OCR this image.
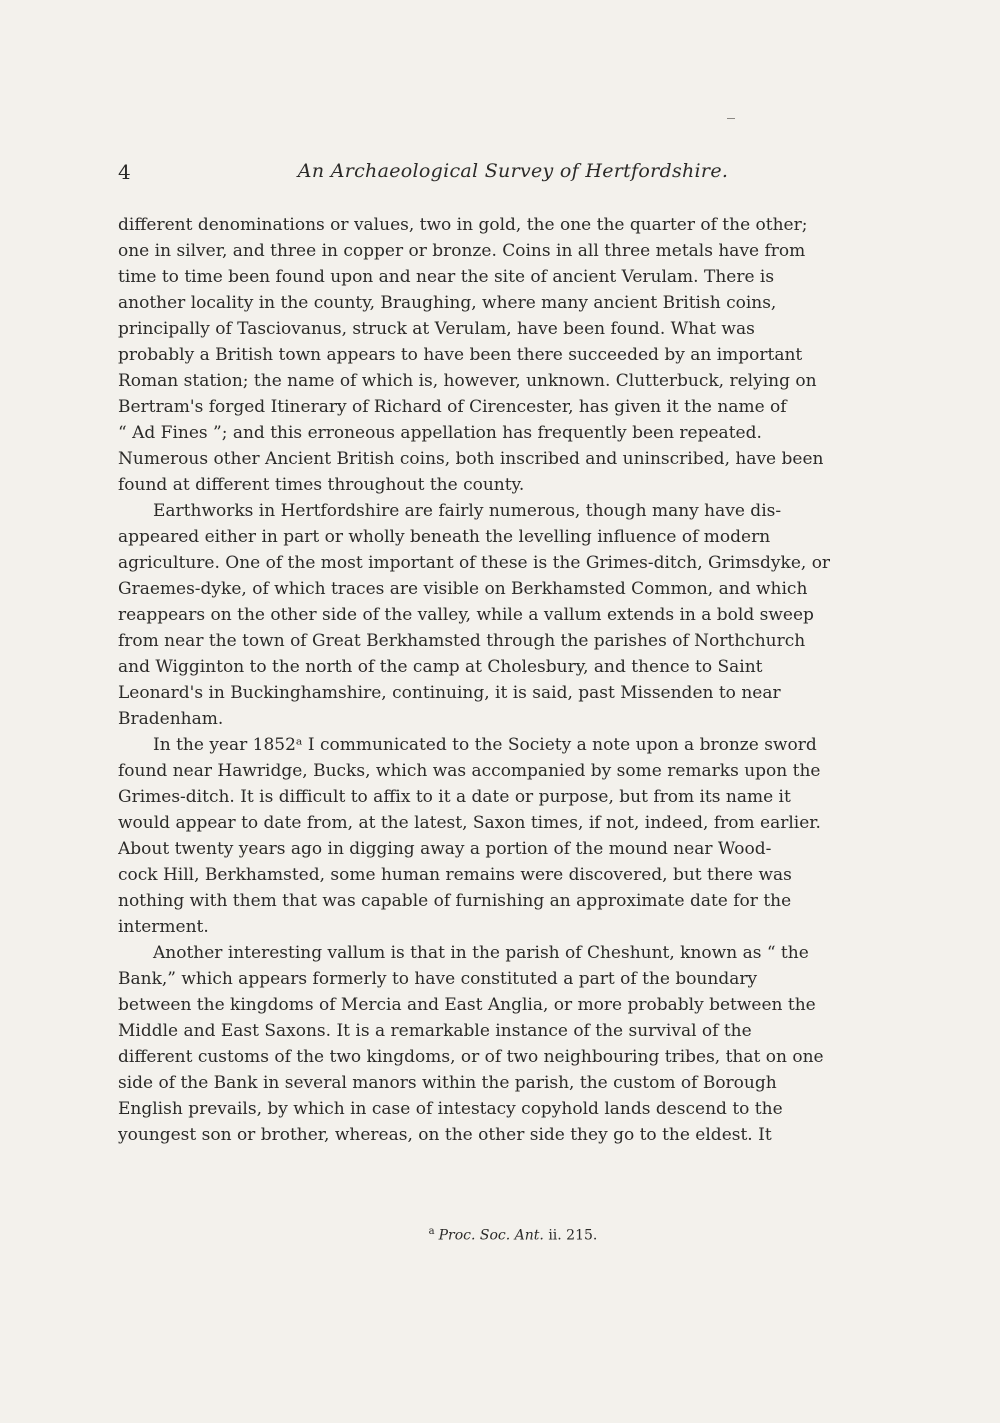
4	An Archaeological Survey of Hertfordshire.
different denominations or values, two in gold, the one the quarter of the other;
one in silver, and three in copper or bronze. Coins in all three metals have from
time to time been found upon and near the site of ancient Verulam. There is
another locality in the county, Braughing, where many ancient British coins,
principally of Tasciovanus, struck at Verulam, have been found. What was
probably a British town appears to have been there succeeded by an important
Roman station; the name of which is, however, unknown. Clutterbuck, relying on
Bertram's forged Itinerary of Richard of Cirencester, has given it the name of
“ Ad Fines ”; and this erroneous appellation has frequently been repeated.
Numerous other Ancient British coins, both inscribed and uninscribed, have been
found at different times throughout the county.
Earthworks in Hertfordshire are fairly numerous, though many have dis-
appeared either in part or wholly beneath the levelling influence of modern
agriculture. One of the most important of these is the Grimes-ditch, Grimsdyke, or
Graemes-dyke, of which traces are visible on Berkhamsted Common, and which
reappears on the other side of the valley, while a vallum extends in a bold sweep
from near the town of Great Berkhamsted through the parishes of Northchurch
and Wigginton to the north of the camp at Cholesbury, and thence to Saint
Leonard's in Buckinghamshire, continuing, it is said, past Missenden to near
Bradenham.
In the year 1852ᵃ I communicated to the Society a note upon a bronze sword
found near Hawridge, Bucks, which was accompanied by some remarks upon the
Grimes-ditch. It is difficult to affix to it a date or purpose, but from its name it
would appear to date from, at the latest, Saxon times, if not, indeed, from earlier.
About twenty years ago in digging away a portion of the mound near Wood-
cock Hill, Berkhamsted, some human remains were discovered, but there was
nothing with them that was capable of furnishing an approximate date for the
interment.
Another interesting vallum is that in the parish of Cheshunt, known as “ the
Bank,” which appears formerly to have constituted a part of the boundary
between the kingdoms of Mercia and East Anglia, or more probably between the
Middle and East Saxons. It is a remarkable instance of the survival of the
different customs of the two kingdoms, or of two neighbouring tribes, that on one
side of the Bank in several manors within the parish, the custom of Borough
English prevails, by which in case of intestacy copyhold lands descend to the
youngest son or brother, whereas, on the other side they go to the eldest. It
$^a$ Proc. Soc. Ant. ii. 215.
